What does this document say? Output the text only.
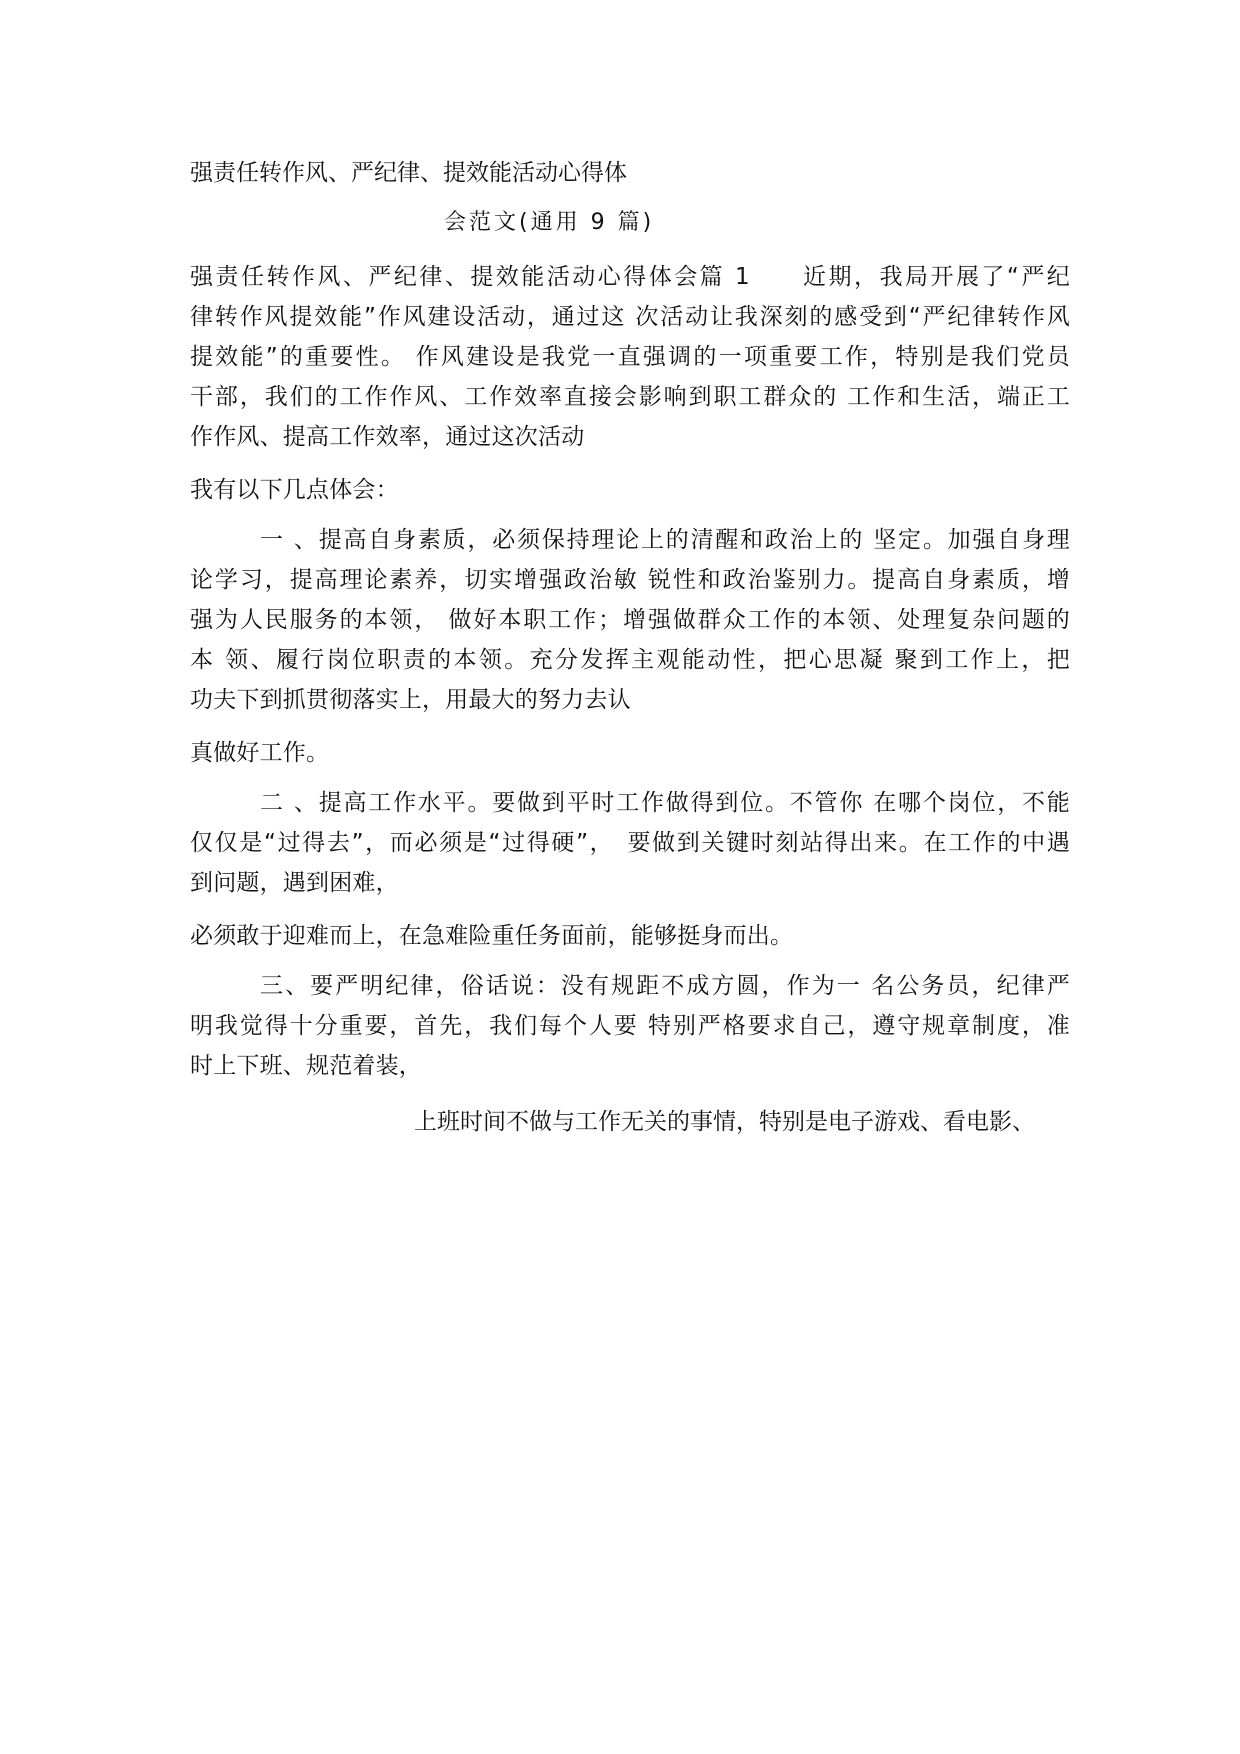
强责任转作风、严纪律、提效能活动心得体
会范文(通用 9 篇)
强责任转作风、严纪律、提效能活动心得体会篇 1　　近期，我局开展了“严纪
律转作风提效能”作风建设活动，通过这 次活动让我深刻的感受到“严纪律转作风
提效能”的重要性。 作风建设是我党一直强调的一项重要工作，特别是我们党员
干部，我们的工作作风、工作效率直接会影响到职工群众的 工作和生活，端正工
作作风、提高工作效率，通过这次活动
我有以下几点体会：
一 、提高自身素质，必须保持理论上的清醒和政治上的 坚定。加强自身理
论学习，提高理论素养，切实增强政治敏 锐性和政治鉴别力。提高自身素质，增
强为人民服务的本领， 做好本职工作；增强做群众工作的本领、处理复杂问题的
本 领、履行岗位职责的本领。充分发挥主观能动性，把心思凝 聚到工作上，把
功夫下到抓贯彻落实上，用最大的努力去认
真做好工作。
二 、提高工作水平。要做到平时工作做得到位。不管你 在哪个岗位，不能
仅仅是“过得去”，而必须是“过得硬”，　要做到关键时刻站得出来。在工作的中遇
到问题，遇到困难，
必须敢于迎难而上，在急难险重任务面前，能够挺身而出。
三、要严明纪律，俗话说：没有规距不成方圆，作为一 名公务员，纪律严
明我觉得十分重要，首先，我们每个人要 特别严格要求自己，遵守规章制度，准
时上下班、规范着装，
上班时间不做与工作无关的事情，特别是电子游戏、看电影、
